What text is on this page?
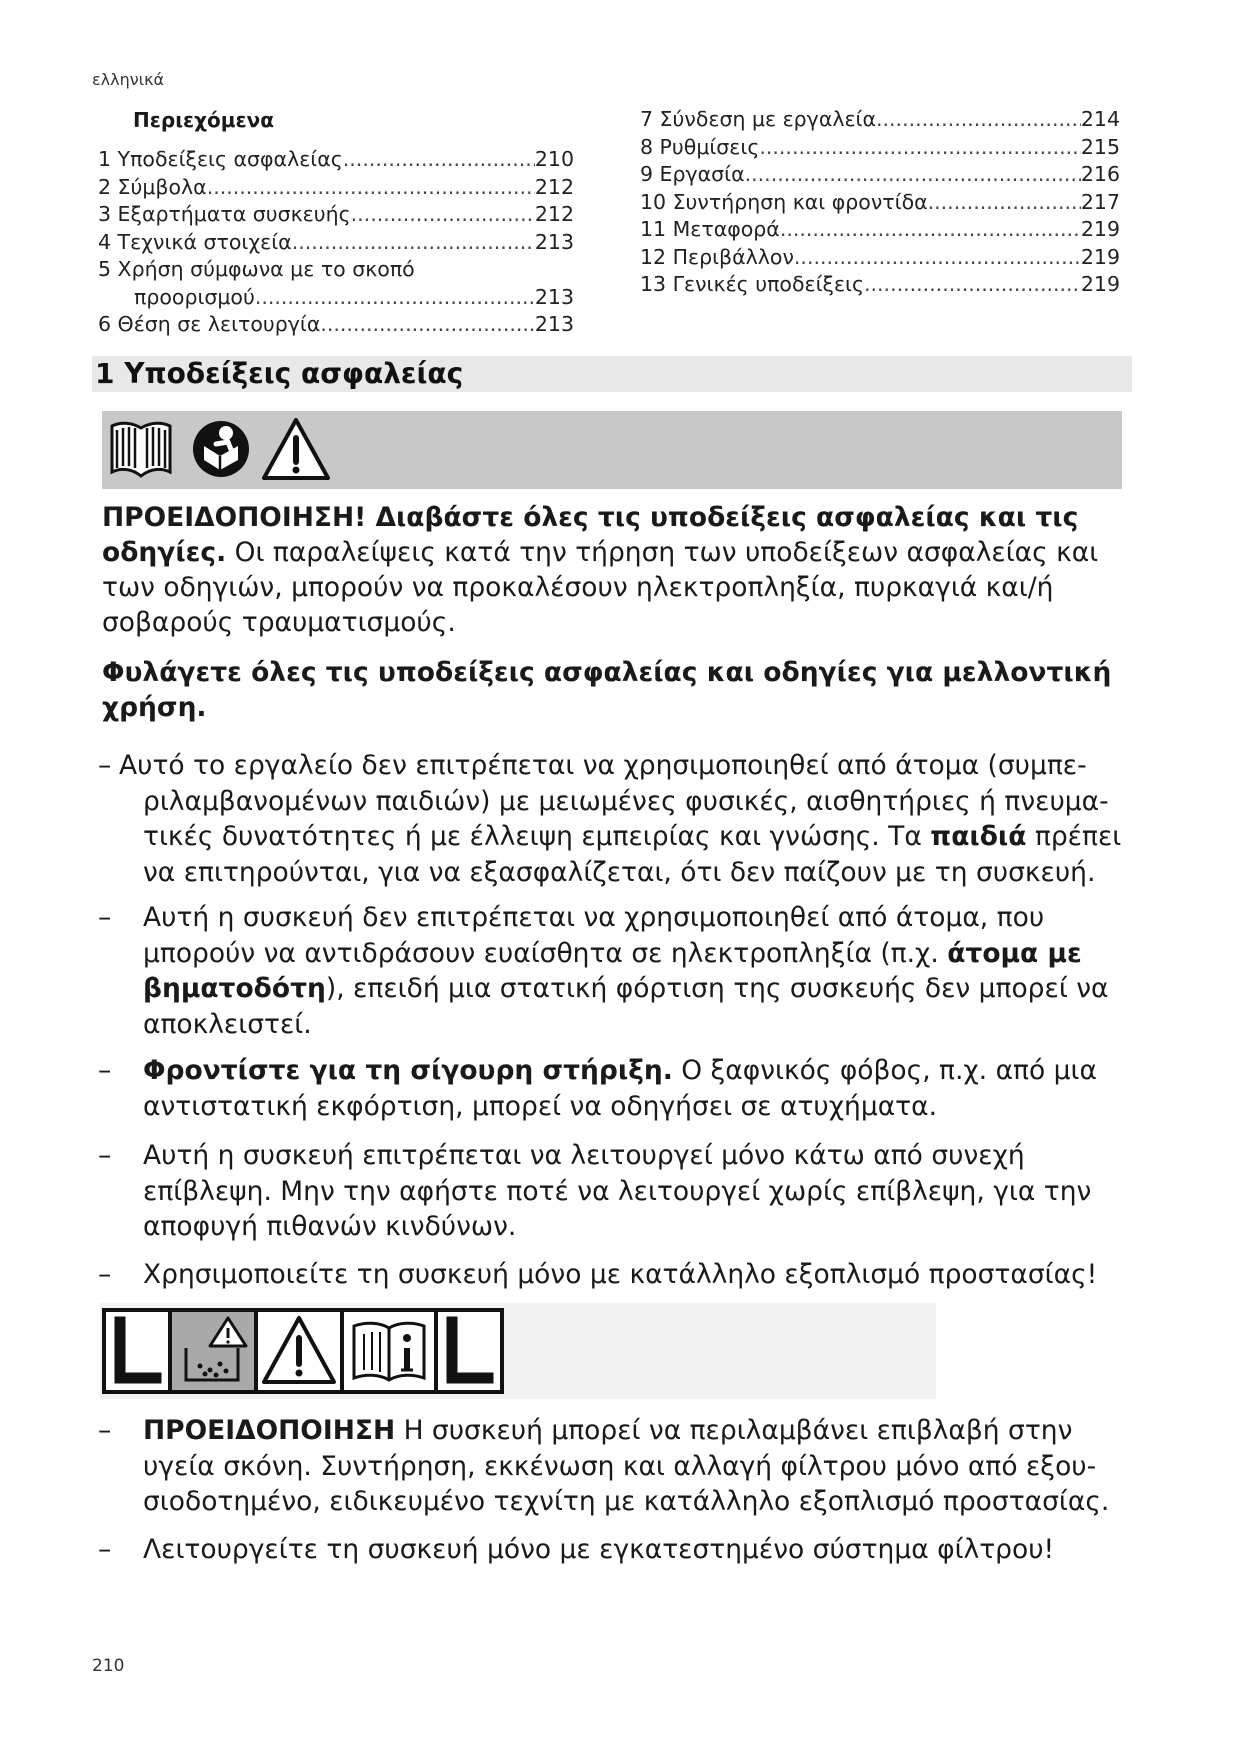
ελληνικά
Περιεχόμενα
1 Υποδείξεις ασφαλείας .....	210
2 Σύμβολα .....	212
3 Εξαρτήματα συσκευής .....	212
4 Τεχνικά στοιχεία .....	213
5 Χρήση σύμφωνα με το σκοπό
προορισμού .....	213
6 Θέση σε λειτουργία .....	213
7 Σύνδεση με εργαλεία .....	214
8 Ρυθμίσεις .....	215
9 Εργασία .....	216
10 Συντήρηση και φροντίδα .....	217
11 Μεταφορά .....	219
12 Περιβάλλον .....	219
13 Γενικές υποδείξεις .....	219
1 Υποδείξεις ασφαλείας
ΠΡΟΕΙΔΟΠΟΙΗΣΗ! Διαβάστε όλες τις υποδείξεις ασφαλείας και τις οδηγίες. Οι παραλείψεις κατά την τήρηση των υποδείξεων ασφαλείας και των οδηγιών, μπορούν να προκαλέσουν ηλεκτροπληξία, πυρκαγιά και/ή σοβαρούς τραυματισμούς.
Φυλάγετε όλες τις υποδείξεις ασφαλείας και οδηγίες για μελλοντική χρήση.
– Αυτό το εργαλείο δεν επιτρέπεται να χρησιμοποιηθεί από άτομα (συμπε-ριλαμβανομένων παιδιών) με μειωμένες φυσικές, αισθητήριες ή πνευμα-τικές δυνατότητες ή με έλλειψη εμπειρίας και γνώσης. Τα παιδιά πρέπει να επιτηρούνται, για να εξασφαλίζεται, ότι δεν παίζουν με τη συσκευή.
–	Αυτή η συσκευή δεν επιτρέπεται να χρησιμοποιηθεί από άτομα, που μπορούν να αντιδράσουν ευαίσθητα σε ηλεκτροπληξία (π.χ. άτομα με βηματοδότη), επειδή μια στατική φόρτιση της συσκευής δεν μπορεί να αποκλειστεί.
–	Φροντίστε για τη σίγουρη στήριξη. Ο ξαφνικός φόβος, π.χ. από μια αντιστατική εκφόρτιση, μπορεί να οδηγήσει σε ατυχήματα.
–	Αυτή η συσκευή επιτρέπεται να λειτουργεί μόνο κάτω από συνεχή επίβλεψη. Μην την αφήστε ποτέ να λειτουργεί χωρίς επίβλεψη, για την αποφυγή πιθανών κινδύνων.
–	Χρησιμοποιείτε τη συσκευή μόνο με κατάλληλο εξοπλισμό προστασίας!
–	ΠΡΟΕΙΔΟΠΟΙΗΣΗ Η συσκευή μπορεί να περιλαμβάνει επιβλαβή στην υγεία σκόνη. Συντήρηση, εκκένωση και αλλαγή φίλτρου μόνο από εξου-σιοδοτημένο, ειδικευμένο τεχνίτη με κατάλληλο εξοπλισμό προστασίας.
–	Λειτουργείτε τη συσκευή μόνο με εγκατεστημένο σύστημα φίλτρου!
210
